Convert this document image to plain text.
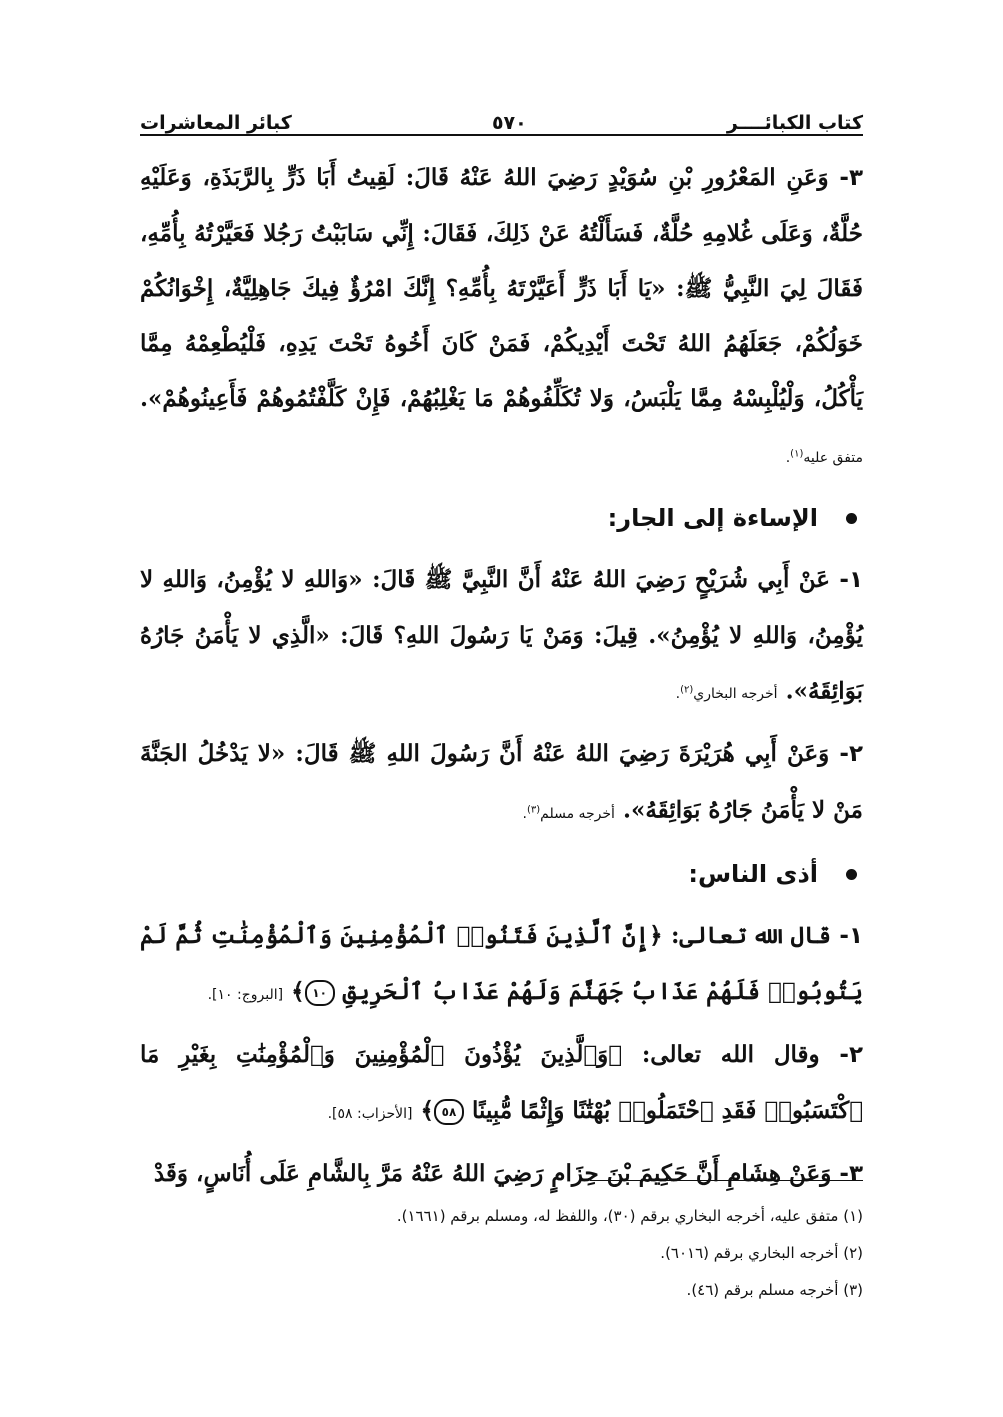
كتاب الكبائــــر
٥٧٠
كبائر المعاشرات

٣- وَعَنِ المَعْرُورِ بْنِ سُوَيْدٍ رَضِيَ اللهُ عَنْهُ قَالَ: لَقِيتُ أَبَا ذَرٍّ بِالرَّبَذَةِ، وَعَلَيْهِ حُلَّةٌ، وَعَلَى غُلامِهِ حُلَّةٌ، فَسَأَلْتُهُ عَنْ ذَلِكَ، فَقَالَ: إِنِّي سَابَبْتُ رَجُلا فَعَيَّرْتُهُ بِأُمِّهِ، فَقَالَ لِيَ النَّبِيُّ ﷺ: «يَا أَبَا ذَرٍّ أَعَيَّرْتَهُ بِأُمِّهِ؟ إِنَّكَ امْرُؤٌ فِيكَ جَاهِلِيَّةٌ، إِخْوَانُكُمْ خَوَلُكُمْ، جَعَلَهُمُ اللهُ تَحْتَ أَيْدِيكُمْ، فَمَنْ كَانَ أَخُوهُ تَحْتَ يَدِهِ، فَلْيُطْعِمْهُ مِمَّا يَأْكُلُ، وَلْيُلْبِسْهُ مِمَّا يَلْبَسُ، وَلا تُكَلِّفُوهُمْ مَا يَغْلِبُهُمْ، فَإِنْ كَلَّفْتُمُوهُمْ فَأَعِينُوهُمْ». متفق عليه$^{(١)}$.

الإساءة إلى الجار:

١- عَنْ أَبِي شُرَيْحٍ رَضِيَ اللهُ عَنْهُ أَنَّ النَّبِيَّ ﷺ قَالَ: «وَاللهِ لا يُؤْمِنُ، وَاللهِ لا يُؤْمِنُ، وَاللهِ لا يُؤْمِنُ». قِيلَ: وَمَنْ يَا رَسُولَ اللهِ؟ قَالَ: «الَّذِي لا يَأْمَنُ جَارُهُ بَوَائِقَهُ». أخرجه البخاري$^{(٢)}$.

٢- وَعَنْ أَبِي هُرَيْرَةَ رَضِيَ اللهُ عَنْهُ أَنَّ رَسُولَ اللهِ ﷺ قَالَ: «لا يَدْخُلُ الجَنَّةَ مَنْ لا يَأْمَنُ جَارُهُ بَوَائِقَهُ». أخرجه مسلم$^{(٣)}$.

أذى الناس:

١- قال الله تعالى: ﴿إِنَّ ٱلَّذِينَ فَتَنُوا۟ ٱلْمُؤْمِنِينَ وَٱلْمُؤْمِنَٰتِ ثُمَّ لَمْ يَتُوبُوا۟ فَلَهُمْ عَذَابُ جَهَنَّمَ وَلَهُمْ عَذَابُ ٱلْحَرِيقِ ١٠﴾ [البروج: ١٠].

٢- وقال الله تعالى: ﴿وَٱلَّذِينَ يُؤْذُونَ ٱلْمُؤْمِنِينَ وَٱلْمُؤْمِنَٰتِ بِغَيْرِ مَا ٱكْتَسَبُوا۟ فَقَدِ ٱحْتَمَلُوا۟ بُهْتَٰنًا وَإِثْمًا مُّبِينًا ٥٨﴾ [الأحزاب: ٥٨].

٣- وَعَنْ هِشَامِ أَنَّ حَكِيمَ بْنَ حِزَامٍ رَضِيَ اللهُ عَنْهُ مَرَّ بِالشَّامِ عَلَى أُنَاسٍ، وَقَدْ

(١) متفق عليه، أخرجه البخاري برقم (٣٠)، واللفظ له، ومسلم برقم (١٦٦١).

(٢) أخرجه البخاري برقم (٦٠١٦).

(٣) أخرجه مسلم برقم (٤٦).
